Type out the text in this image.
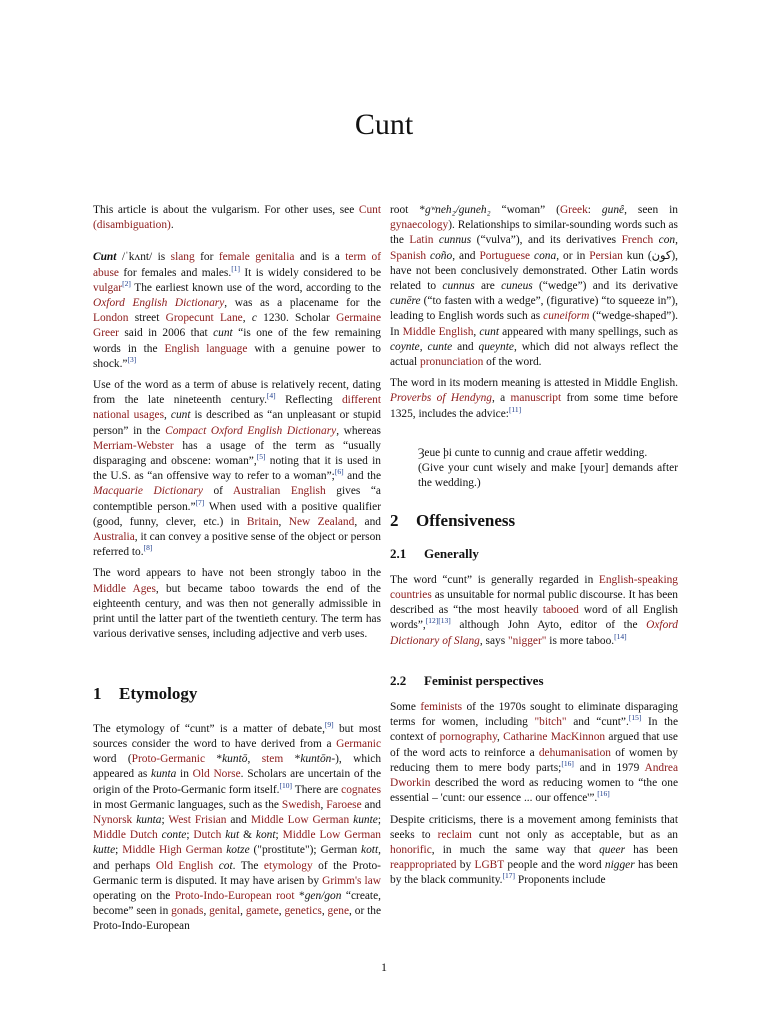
Cunt

This article is about the vulgarism. For other uses, see Cunt (disambiguation).

Cunt /ˈkʌnt/ is slang for female genitalia and is a term of abuse for females and males.[1] It is widely considered to be vulgar[2] The earliest known use of the word, according to the Oxford English Dictionary, was as a placename for the London street Gropecunt Lane, c 1230. Scholar Germaine Greer said in 2006 that cunt “is one of the few remaining words in the English language with a genuine power to shock.”[3]

Use of the word as a term of abuse is relatively recent, dating from the late nineteenth century.[4] Reflecting different national usages, cunt is described as “an unpleasant or stupid person” in the Compact Oxford English Dictionary, whereas Merriam-Webster has a usage of the term as “usually disparaging and obscene: woman”,[5] noting that it is used in the U.S. as “an offensive way to refer to a woman”;[6] and the Macquarie Dictionary of Australian English gives “a contemptible person.”[7] When used with a positive qualifier (good, funny, clever, etc.) in Britain, New Zealand, and Australia, it can convey a positive sense of the object or person referred to.[8]

The word appears to have not been strongly taboo in the Middle Ages, but became taboo towards the end of the eighteenth century, and was then not generally admissible in print until the latter part of the twentieth century. The term has various derivative senses, including adjective and verb uses.

1 Etymology

The etymology of “cunt” is a matter of debate,[9] but most sources consider the word to have derived from a Germanic word (Proto-Germanic *kuntō, stem *kuntōn-), which appeared as kunta in Old Norse. Scholars are uncertain of the origin of the Proto-Germanic form itself.[10] There are cognates in most Germanic languages, such as the Swedish, Faroese and Nynorsk kunta; West Frisian and Middle Low German kunte; Middle Dutch conte; Dutch kut & kont; Middle Low German kutte; Middle High German kotze ("prostitute"); German kott, and perhaps Old English cot. The etymology of the Proto-Germanic term is disputed. It may have arisen by Grimm's law operating on the Proto-Indo-European root *gen/gon “create, become” seen in gonads, genital, gamete, genetics, gene, or the Proto-Indo-European

root *gʷneh₂/guneh₂ “woman” (Greek: gunê, seen in gynaecology). Relationships to similar-sounding words such as the Latin cunnus (“vulva”), and its derivatives French con, Spanish coño, and Portuguese cona, or in Persian kun (كون), have not been conclusively demonstrated. Other Latin words related to cunnus are cuneus (“wedge”) and its derivative cunēre (“to fasten with a wedge”, (figurative) “to squeeze in”), leading to English words such as cuneiform (“wedge-shaped”). In Middle English, cunt appeared with many spellings, such as coynte, cunte and queynte, which did not always reflect the actual pronunciation of the word.

The word in its modern meaning is attested in Middle English. Proverbs of Hendyng, a manuscript from some time before 1325, includes the advice:[11]

Ȝeue þi cunte to cunnig and craue affetir wedding.
(Give your cunt wisely and make [your] demands after the wedding.)

2 Offensiveness
2.1 Generally

The word “cunt” is generally regarded in English-speaking countries as unsuitable for normal public discourse. It has been described as “the most heavily tabooed word of all English words”,[12][13] although John Ayto, editor of the Oxford Dictionary of Slang, says "nigger" is more taboo.[14]

2.2 Feminist perspectives

Some feminists of the 1970s sought to eliminate disparaging terms for women, including "bitch" and “cunt”.[15] In the context of pornography, Catharine MacKinnon argued that use of the word acts to reinforce a dehumanisation of women by reducing them to mere body parts;[16] and in 1979 Andrea Dworkin described the word as reducing women to “the one essential – 'cunt: our essence ... our offence'”.[16]

Despite criticisms, there is a movement among feminists that seeks to reclaim cunt not only as acceptable, but as an honorific, in much the same way that queer has been reappropriated by LGBT people and the word nigger has been by the black community.[17] Proponents include

1
